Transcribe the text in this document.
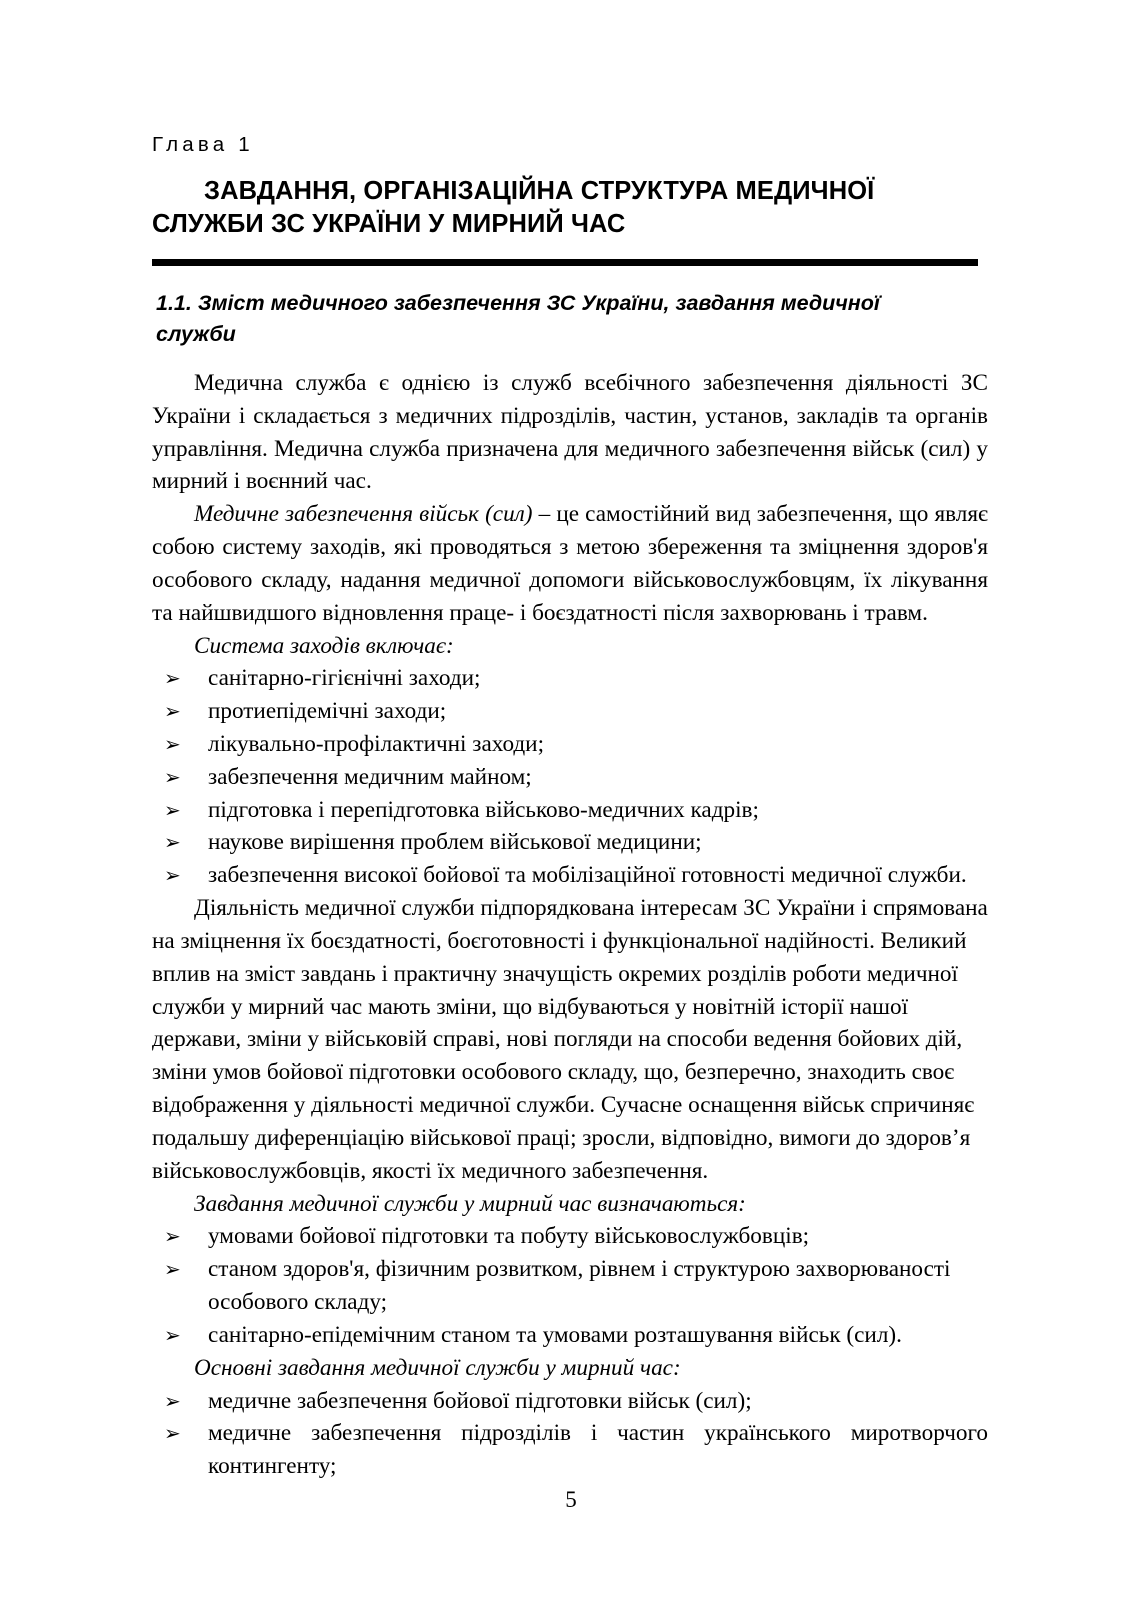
Глава 1
ЗАВДАННЯ, ОРГАНІЗАЦІЙНА СТРУКТУРА МЕДИЧНОЇ СЛУЖБИ ЗС УКРАЇНИ У МИРНИЙ ЧАС
1.1. Зміст медичного забезпечення ЗС України, завдання медичної служби

Медична служба є однією із служб всебічного забезпечення діяльності ЗС України і складається з медичних підрозділів, частин, установ, закладів та органів управління. Медична служба призначена для медичного забезпечення військ (сил) у мирний і воєнний час.

Медичне забезпечення військ (сил) – це самостійний вид забезпечення, що являє собою систему заходів, які проводяться з метою збереження та зміцнення здоров'я особового складу, надання медичної допомоги військовослужбовцям, їх лікування та найшвидшого відновлення праце- і боєздатності після захворювань і травм.

Система заходів включає:

➢ санітарно-гігієнічні заходи;
➢ протиепідемічні заходи;
➢ лікувально-профілактичні заходи;
➢ забезпечення медичним майном;
➢ підготовка і перепідготовка військово-медичних кадрів;
➢ наукове вирішення проблем військової медицини;
➢ забезпечення високої бойової та мобілізаційної готовності медичної служби.

Діяльність медичної служби підпорядкована інтересам ЗС України і спрямована на зміцнення їх боєздатності, боєготовності і функціональної надійності. Великий вплив на зміст завдань і практичну значущість окремих розділів роботи медичної служби у мирний час мають зміни, що відбуваються у новітній історії нашої держави, зміни у військовій справі, нові погляди на способи ведення бойових дій, зміни умов бойової підготовки особового складу, що, безперечно, знаходить своє відображення у діяльності медичної служби. Сучасне оснащення військ спричиняє подальшу диференціацію військової праці; зросли, відповідно, вимоги до здоров’я військовослужбовців, якості їх медичного забезпечення.

Завдання медичної служби у мирний час визначаються:

➢ умовами бойової підготовки та побуту військовослужбовців;
➢ станом здоров'я, фізичним розвитком, рівнем і структурою захворюваності особового складу;
➢ санітарно-епідемічним станом та умовами розташування військ (сил).

Основні завдання медичної служби у мирний час:

➢ медичне забезпечення бойової підготовки військ (сил);
➢ медичне забезпечення підрозділів і частин українського миротворчого контингенту;
5
